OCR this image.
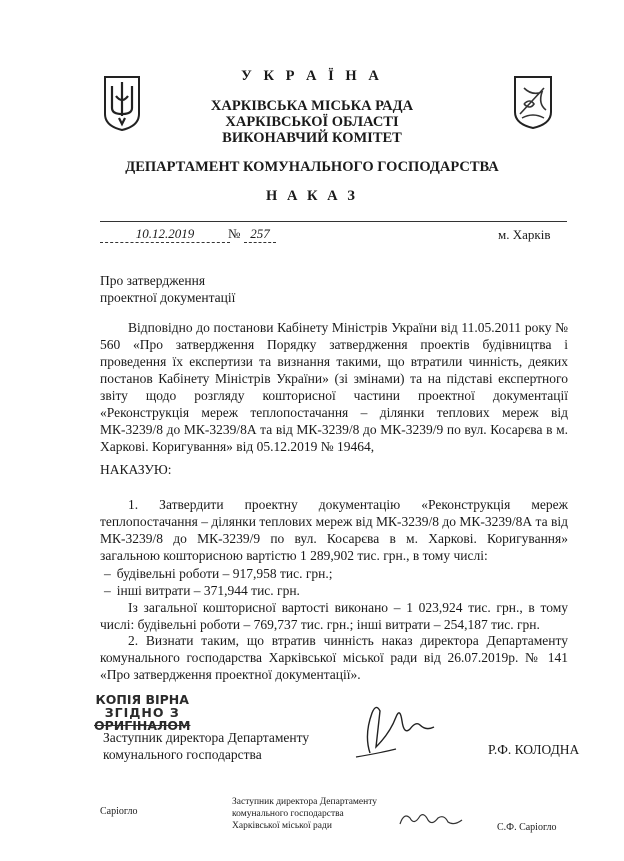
У К Р А Ї Н А
ХАРКІВСЬКА МІСЬКА РАДА
ХАРКІВСЬКОЇ ОБЛАСТІ
ВИКОНАВЧИЙ КОМІТЕТ
ДЕПАРТАМЕНТ КОМУНАЛЬНОГО ГОСПОДАРСТВА
Н А К А З
10.12.2019	№ 257	м. Харків
Про затвердження
проектної документації
Відповідно до постанови Кабінету Міністрів України від 11.05.2011 року № 560 «Про затвердження Порядку затвердження проектів будівництва і проведення їх експертизи та визнання такими, що втратили чинність, деяких постанов Кабінету Міністрів України» (зі змінами) та на підставі експертного звіту щодо розгляду кошторисної частини проектної документації «Реконструкція мереж теплопостачання – ділянки теплових мереж від МК-3239/8 до МК-3239/8А та від МК-3239/8 до МК-3239/9 по вул. Косарєва в м. Харкові. Коригування» від 05.12.2019 № 19464,
НАКАЗУЮ:
1. Затвердити проектну документацію «Реконструкція мереж теплопостачання – ділянки теплових мереж від МК-3239/8 до МК-3239/8А та від МК-3239/8 до МК-3239/9 по вул. Косарєва в м. Харкові. Коригування» загальною кошторисною вартістю 1 289,902 тис. грн., в тому числі:
– будівельні роботи – 917,958 тис. грн.;
– інші витрати – 371,944 тис. грн.
Із загальної кошторисної вартості виконано – 1 023,924 тис. грн., в тому числі: будівельні роботи – 769,737 тис. грн.; інші витрати – 254,187 тис. грн.
2. Визнати таким, що втратив чинність наказ директора Департаменту комунального господарства Харківської міської ради від 26.07.2019р. № 141 «Про затвердження проектної документації».
КОПІЯ ВІРНА
ЗГІДНО З
ОРИГІНАЛОМ
Заступник директора Департаменту
комунального господарства	Р.Ф. КОЛОДНА
Саріогло
Заступник директора Департаменту
комунального господарства
Харківської міської ради	С.Ф. Саріогло
